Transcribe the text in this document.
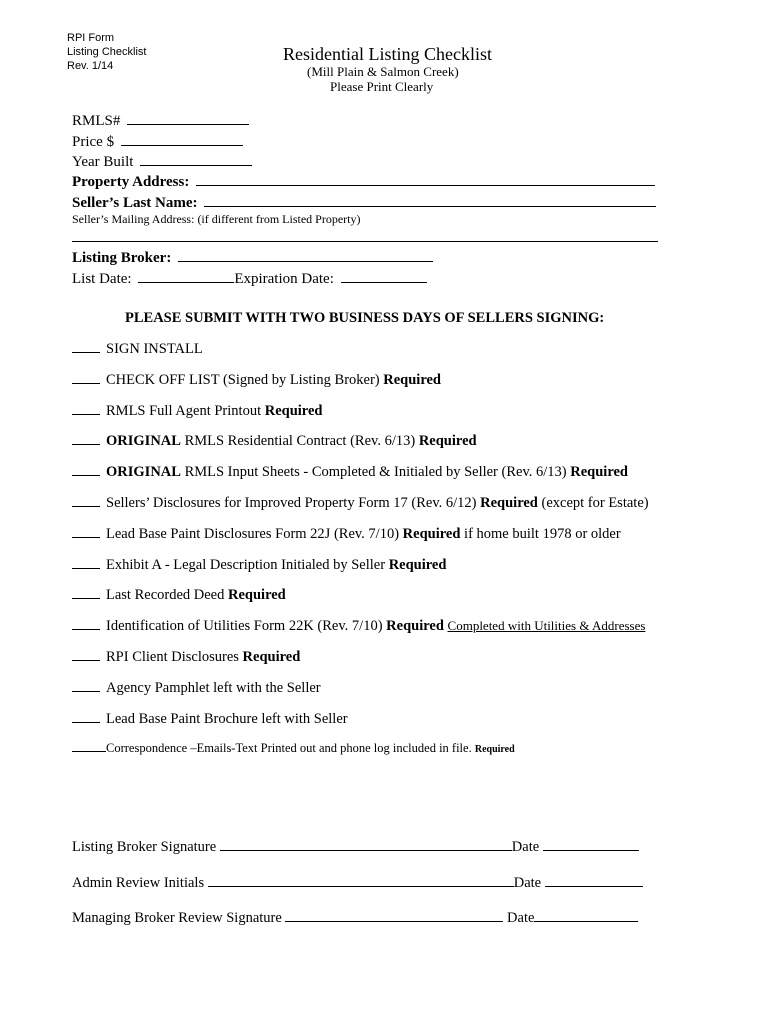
RPI Form
Listing Checklist
Rev. 1/14
Residential Listing Checklist
(Mill Plain & Salmon Creek)
Please Print Clearly
RMLS#
Price $
Year Built
Property Address:
Seller’s Last Name:
Seller’s Mailing Address: (if different from Listed Property)
Listing Broker:
List Date:	Expiration Date:
PLEASE SUBMIT WITH TWO BUSINESS DAYS OF SELLERS SIGNING:
SIGN INSTALL
CHECK OFF LIST (Signed by Listing Broker) Required
RMLS Full Agent Printout Required
ORIGINAL RMLS Residential Contract (Rev. 6/13) Required
ORIGINAL RMLS Input Sheets - Completed & Initialed by Seller (Rev. 6/13) Required
Sellers’ Disclosures for Improved Property Form 17 (Rev. 6/12) Required (except for Estate)
Lead Base Paint Disclosures Form 22J (Rev. 7/10) Required if home built 1978 or older
Exhibit A - Legal Description Initialed by Seller Required
Last Recorded Deed Required
Identification of Utilities Form 22K (Rev. 7/10) Required Completed with Utilities & Addresses
RPI Client Disclosures Required
Agency Pamphlet left with the Seller
Lead Base Paint Brochure left with Seller
Correspondence –Emails-Text Printed out and phone log included in file. Required
Listing Broker Signature	Date
Admin Review Initials	Date
Managing Broker Review Signature	Date
